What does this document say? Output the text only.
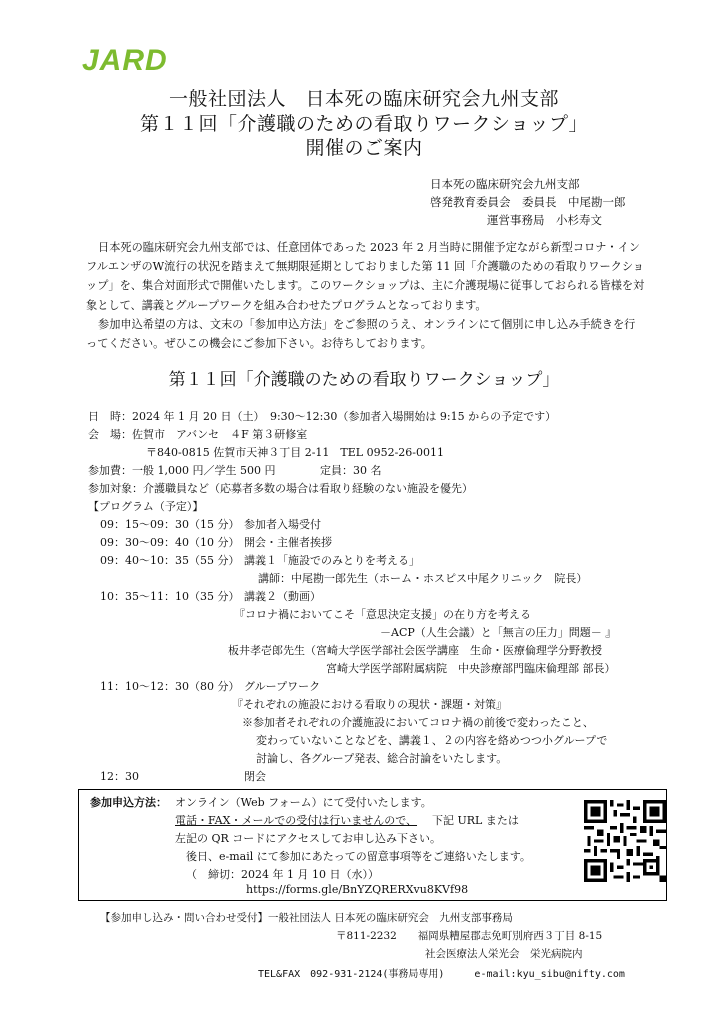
JARD
一般社団法人　日本死の臨床研究会九州支部
第１１回「介護職のための看取りワークショップ」
開催のご案内
日本死の臨床研究会九州支部
啓発教育委員会　委員長　中尾勘一郎
運営事務局　小杉寿文

日本死の臨床研究会九州支部では、任意団体であった 2023 年 2 月当時に開催予定ながら新型コロナ・インフルエンザのW流行の状況を踏まえて無期限延期としておりました第 11 回「介護職のための看取りワークショップ」を、集合対面形式で開催いたします。このワークショップは、主に介護現場に従事しておられる皆様を対象として、講義とグループワークを組み合わせたプログラムとなっております。

参加申込希望の方は、文末の「参加申込方法」をご参照のうえ、オンラインにて個別に申し込み手続きを行ってください。ぜひこの機会にご参加下さい。お待ちしております。

第１１回「介護職のための看取りワークショップ」
日　時：2024 年 1 月 20 日（土）　9:30～12:30（参加者入場開始は 9:15 からの予定です）
会　場：佐賀市　アバンセ　４F 第３研修室
〒840-0815 佐賀市天神３丁目 2-11　TEL 0952-26-0011
参加費：一般 1,000 円／学生 500 円	定員：30 名
参加対象：介護職員など（応募者多数の場合は看取り経験のない施設を優先）
【プログラム（予定）】
09：15～09：30（15 分） 参加者入場受付
09：30～09：40（10 分） 開会・主催者挨拶
09：40～10：35（55 分） 講義１「施設でのみとりを考える」
講師：中尾勘一郎先生（ホーム・ホスピス中尾クリニック　院長）
10：35～11：10（35 分） 講義２（動画）
『コロナ禍においてこそ「意思決定支援」の在り方を考える
－ACP（人生会議）と「無言の圧力」問題－ 』
板井孝壱郎先生（宮崎大学医学部社会医学講座　生命・医療倫理学分野教授
宮崎大学医学部附属病院　中央診療部門臨床倫理部 部長）
11：10～12：30（80 分） グループワーク
『それぞれの施設における看取りの現状・課題・対策』
※参加者それぞれの介護施設においてコロナ禍の前後で変わったこと、
変わっていないことなどを、講義１、２の内容を絡めつつ小グループで
討論し、各グループ発表、総合討論をいたします。
12：30	閉会
参加申込方法： オンライン（Web フォーム）にて受付いたします。
電話・FAX・メールでの受付は行いませんので、 下記 URL または
左記の QR コードにアクセスしてお申し込み下さい。
後日、e-mail にて参加にあたっての留意事項等をご連絡いたします。
（　締切：2024 年 1 月 10 日（水））
https://forms.gle/BnYZQRERXvu8KVf98
【参加申し込み・問い合わせ受付】一般社団法人 日本死の臨床研究会　九州支部事務局
〒811-2232　　福岡県糟屋郡志免町別府西３丁目 8-15
社会医療法人栄光会　栄光病院内
TEL&FAX　092-931-2124(事務局専用)　　　e-mail:kyu_sibu@nifty.com
